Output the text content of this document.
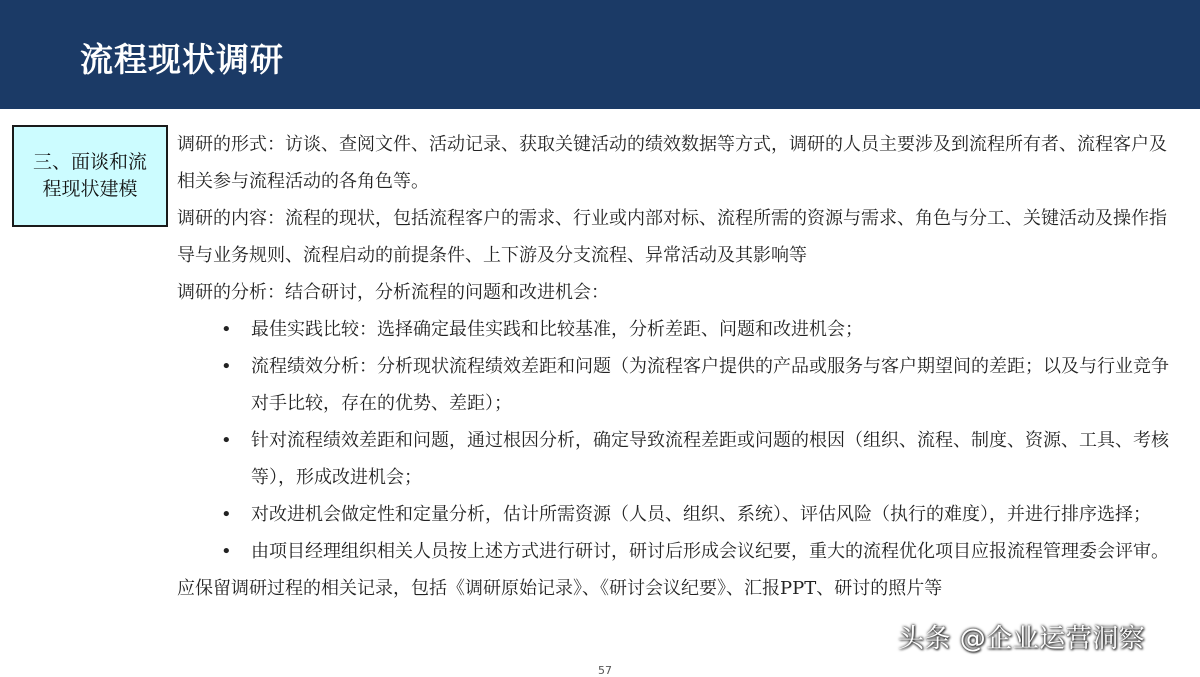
流程现状调研
三、面谈和流程现状建模

调研的形式：访谈、查阅文件、活动记录、获取关键活动的绩效数据等方式，调研的人员主要涉及到流程所有者、流程客户及相关参与流程活动的各角色等。

调研的内容：流程的现状，包括流程客户的需求、行业或内部对标、流程所需的资源与需求、角色与分工、关键活动及操作指导与业务规则、流程启动的前提条件、上下游及分支流程、异常活动及其影响等

调研的分析：结合研讨，分析流程的问题和改进机会：

• 最佳实践比较：选择确定最佳实践和比较基准，分析差距、问题和改进机会；
• 流程绩效分析：分析现状流程绩效差距和问题（为流程客户提供的产品或服务与客户期望间的差距；以及与行业竞争对手比较，存在的优势、差距）；
• 针对流程绩效差距和问题，通过根因分析，确定导致流程差距或问题的根因（组织、流程、制度、资源、工具、考核等），形成改进机会；
• 对改进机会做定性和定量分析，估计所需资源（人员、组织、系统）、评估风险（执行的难度），并进行排序选择；
• 由项目经理组织相关人员按上述方式进行研讨，研讨后形成会议纪要，重大的流程优化项目应报流程管理委会评审。

应保留调研过程的相关记录，包括《调研原始记录》、《研讨会议纪要》、汇报PPT、研讨的照片等

头条 @企业运营洞察
57
